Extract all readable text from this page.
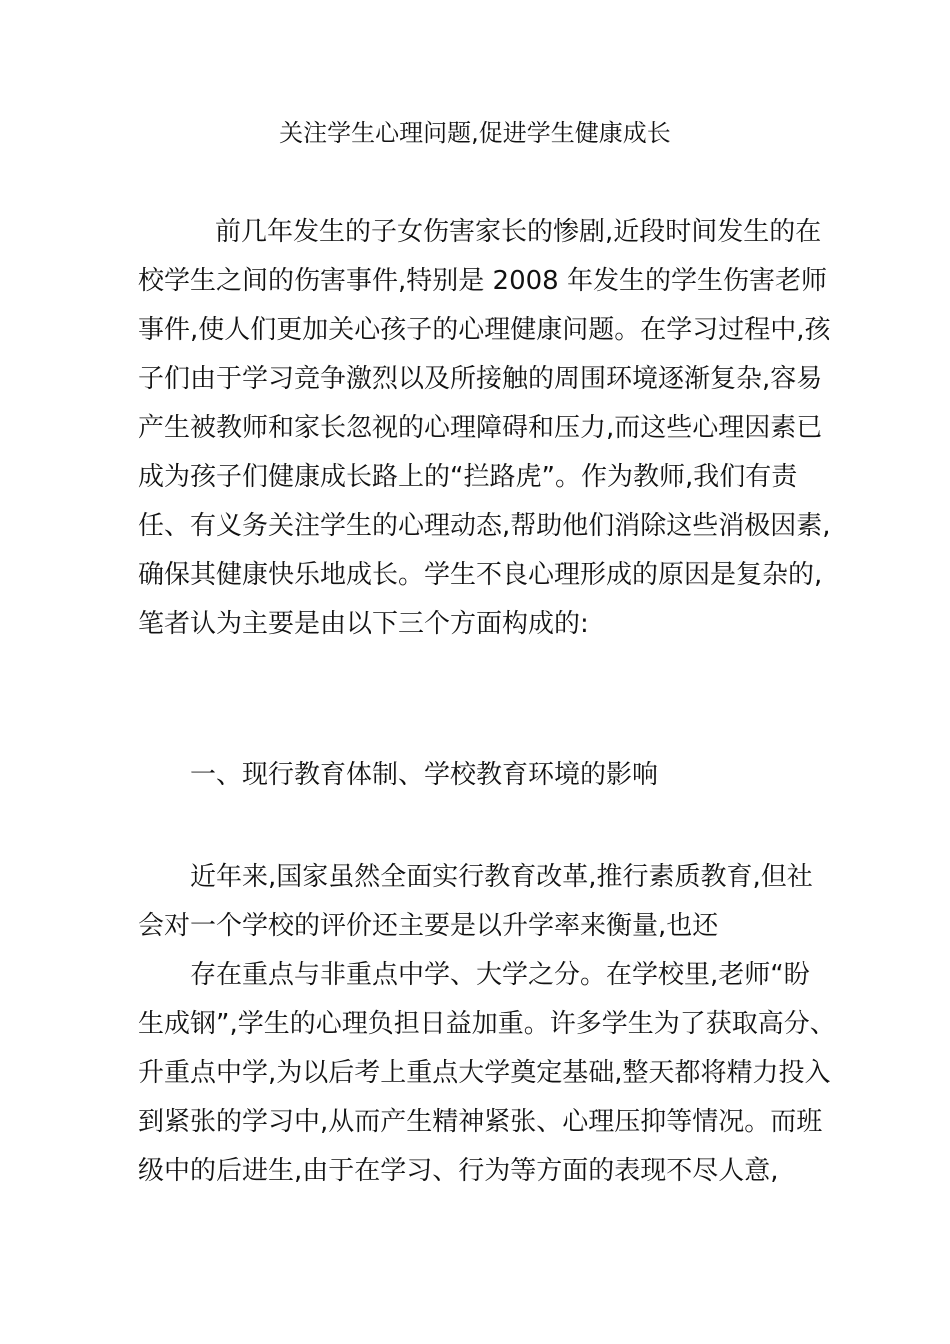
关注学生心理问题,促进学生健康成长

前几年发生的子女伤害家长的惨剧,近段时间发生的在

校学生之间的伤害事件,特别是 2008 年发生的学生伤害老师

事件,使人们更加关心孩子的心理健康问题。在学习过程中,孩

子们由于学习竞争激烈以及所接触的周围环境逐渐复杂,容易

产生被教师和家长忽视的心理障碍和压力,而这些心理因素已

成为孩子们健康成长路上的“拦路虎”。作为教师,我们有责

任、有义务关注学生的心理动态,帮助他们消除这些消极因素,

确保其健康快乐地成长。学生不良心理形成的原因是复杂的,

笔者认为主要是由以下三个方面构成的:

一、现行教育体制、学校教育环境的影响

近年来,国家虽然全面实行教育改革,推行素质教育,但社

会对一个学校的评价还主要是以升学率来衡量,也还

存在重点与非重点中学、大学之分。在学校里,老师“盼

生成钢”,学生的心理负担日益加重。许多学生为了获取高分、

升重点中学,为以后考上重点大学奠定基础,整天都将精力投入

到紧张的学习中,从而产生精神紧张、心理压抑等情况。而班

级中的后进生,由于在学习、行为等方面的表现不尽人意,
